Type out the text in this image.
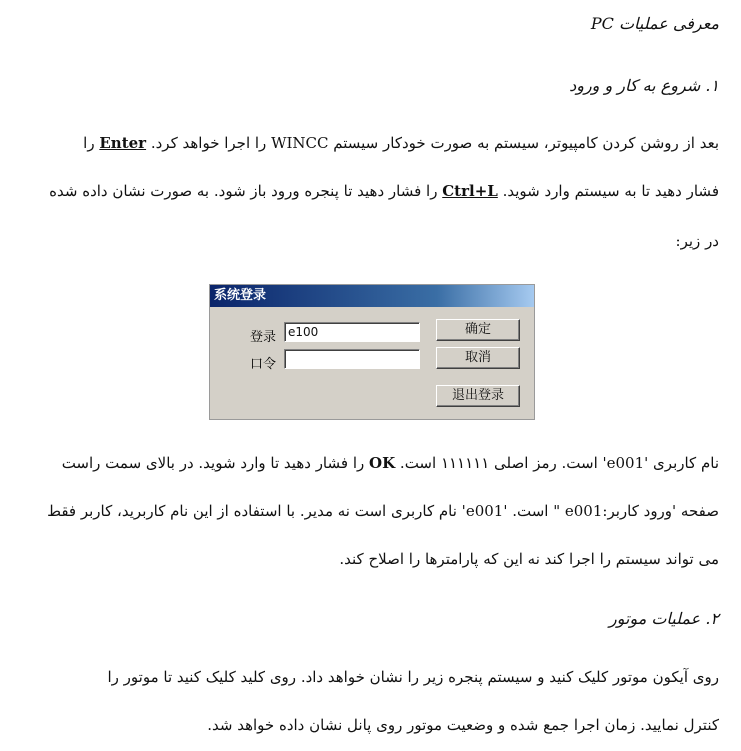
معرفی عملیات PC
۱. شروع به کار و ورود
بعد از روشن کردن کامپیوتر، سیستم به صورت خودکار سیستم WINCC را اجرا خواهد کرد. Enter را
فشار دهید تا به سیستم وارد شوید. Ctrl+L را فشار دهید تا پنجره ورود باز شود. به صورت نشان داده شده
در زیر:
系统登录
登录 e100
口令
确定
取消
退出登录
نام کاربری 'e001' است. رمز اصلی ۱۱۱۱۱۱ است. OK را فشار دهید تا وارد شوید. در بالای سمت راست
صفحه 'ورود کاربر:e001 " است. 'e001' نام کاربری است نه مدیر. با استفاده از این نام کاربرید، کاربر فقط
می تواند سیستم را اجرا کند نه این که پارامترها را اصلاح کند.
۲. عملیات موتور
روی آیکون موتور کلیک کنید و سیستم پنجره زیر را نشان خواهد داد. روی کلید کلیک کنید تا موتور را
کنترل نمایید. زمان اجرا جمع شده و وضعیت موتور روی پانل نشان داده خواهد شد.
